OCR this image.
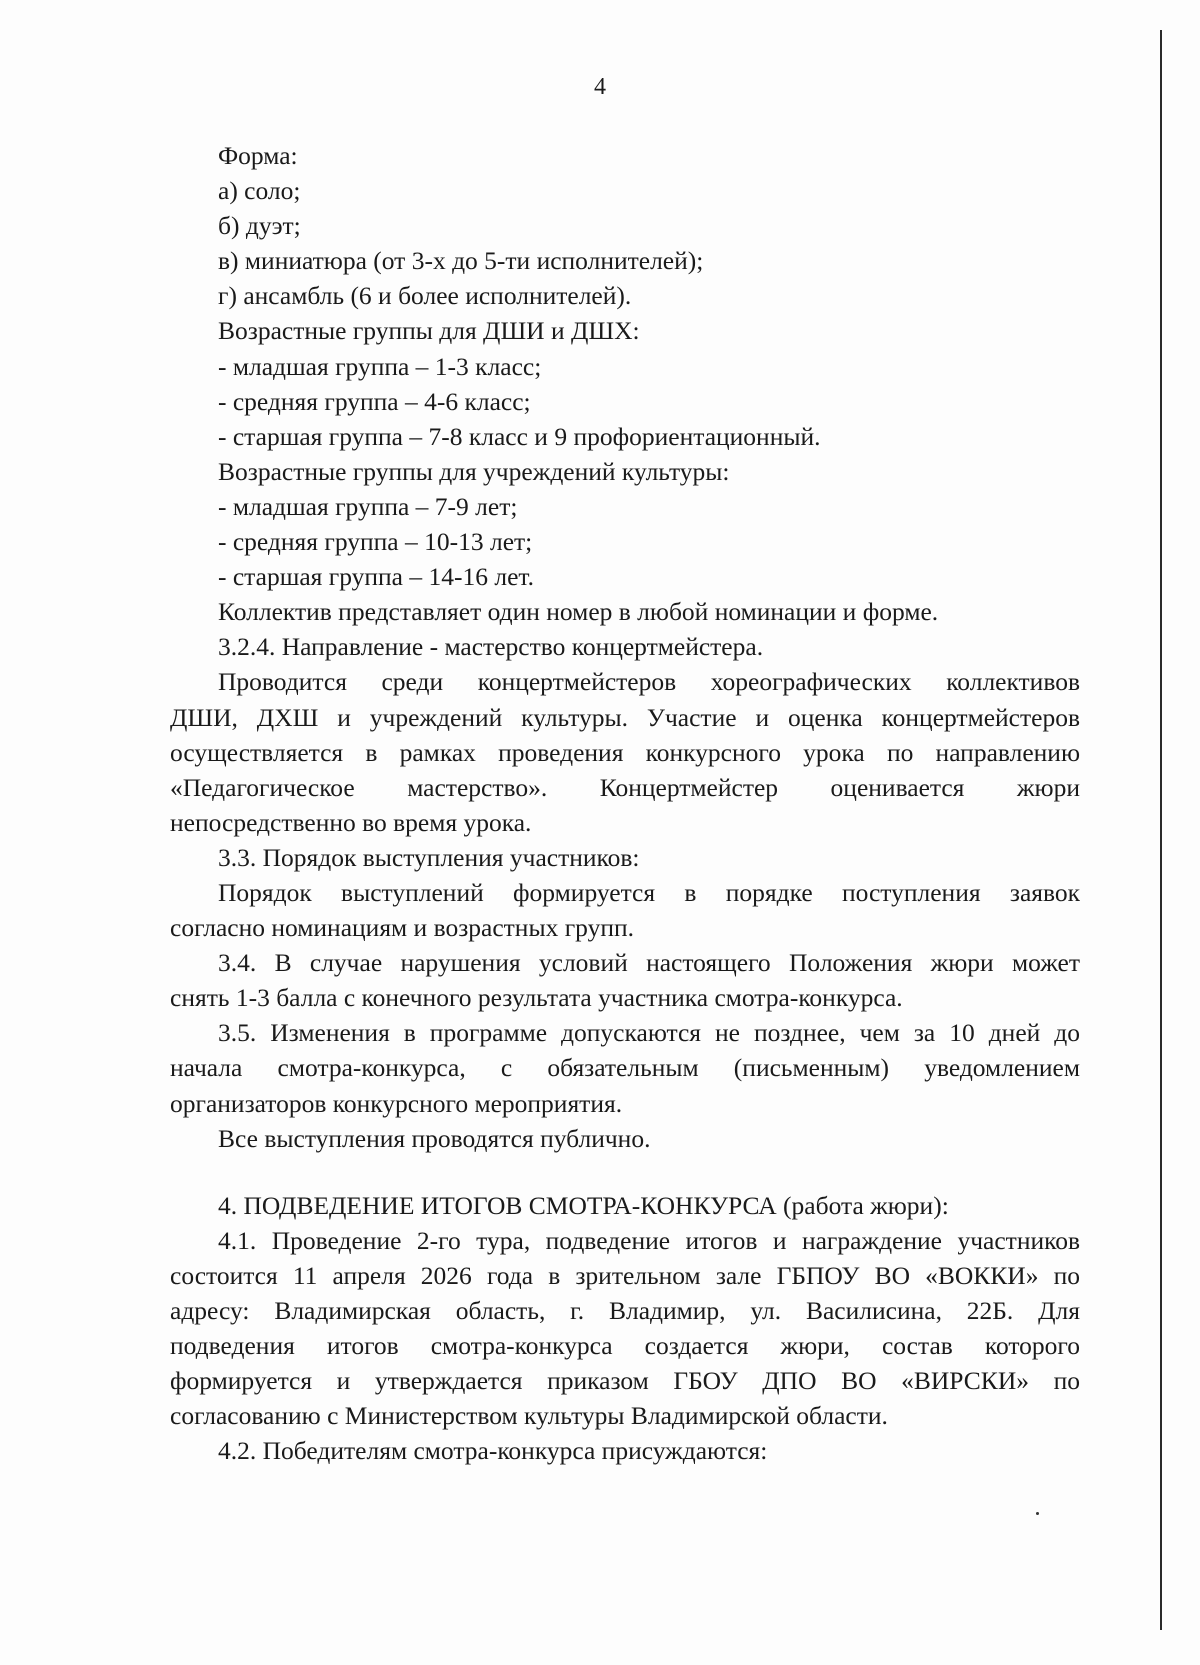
4
Форма:
а) соло;
б) дуэт;
в) миниатюра (от 3-х до 5-ти исполнителей);
г) ансамбль (6 и более исполнителей).
Возрастные группы для ДШИ и ДШХ:
- младшая группа – 1-3 класс;
- средняя группа – 4-6 класс;
- старшая группа – 7-8 класс и 9 профориентационный.
Возрастные группы для учреждений культуры:
- младшая группа – 7-9 лет;
- средняя группа – 10-13 лет;
- старшая группа – 14-16 лет.
Коллектив представляет один номер в любой номинации и форме.
3.2.4. Направление - мастерство концертмейстера.
Проводится среди концертмейстеров хореографических коллективов
ДШИ, ДХШ и учреждений культуры. Участие и оценка концертмейстеров
осуществляется в рамках проведения конкурсного урока по направлению
«Педагогическое мастерство». Концертмейстер оценивается жюри
непосредственно во время урока.
3.3. Порядок выступления участников:
Порядок выступлений формируется в порядке поступления заявок
согласно номинациям и возрастных групп.
3.4. В случае нарушения условий настоящего Положения жюри может
снять 1-3 балла с конечного результата участника смотра-конкурса.
3.5. Изменения в программе допускаются не позднее, чем за 10 дней до
начала смотра-конкурса, с обязательным (письменным) уведомлением
организаторов конкурсного мероприятия.
Все выступления проводятся публично.
4. ПОДВЕДЕНИЕ ИТОГОВ СМОТРА-КОНКУРСА (работа жюри):
4.1. Проведение 2-го тура, подведение итогов и награждение участников
состоится 11 апреля 2026 года в зрительном зале ГБПОУ ВО «ВОККИ» по
адресу: Владимирская область, г. Владимир, ул. Василисина, 22Б. Для
подведения итогов смотра-конкурса создается жюри, состав которого
формируется и утверждается приказом ГБОУ ДПО ВО «ВИРСКИ» по
согласованию с Министерством культуры Владимирской области.
4.2. Победителям смотра-конкурса присуждаются:
